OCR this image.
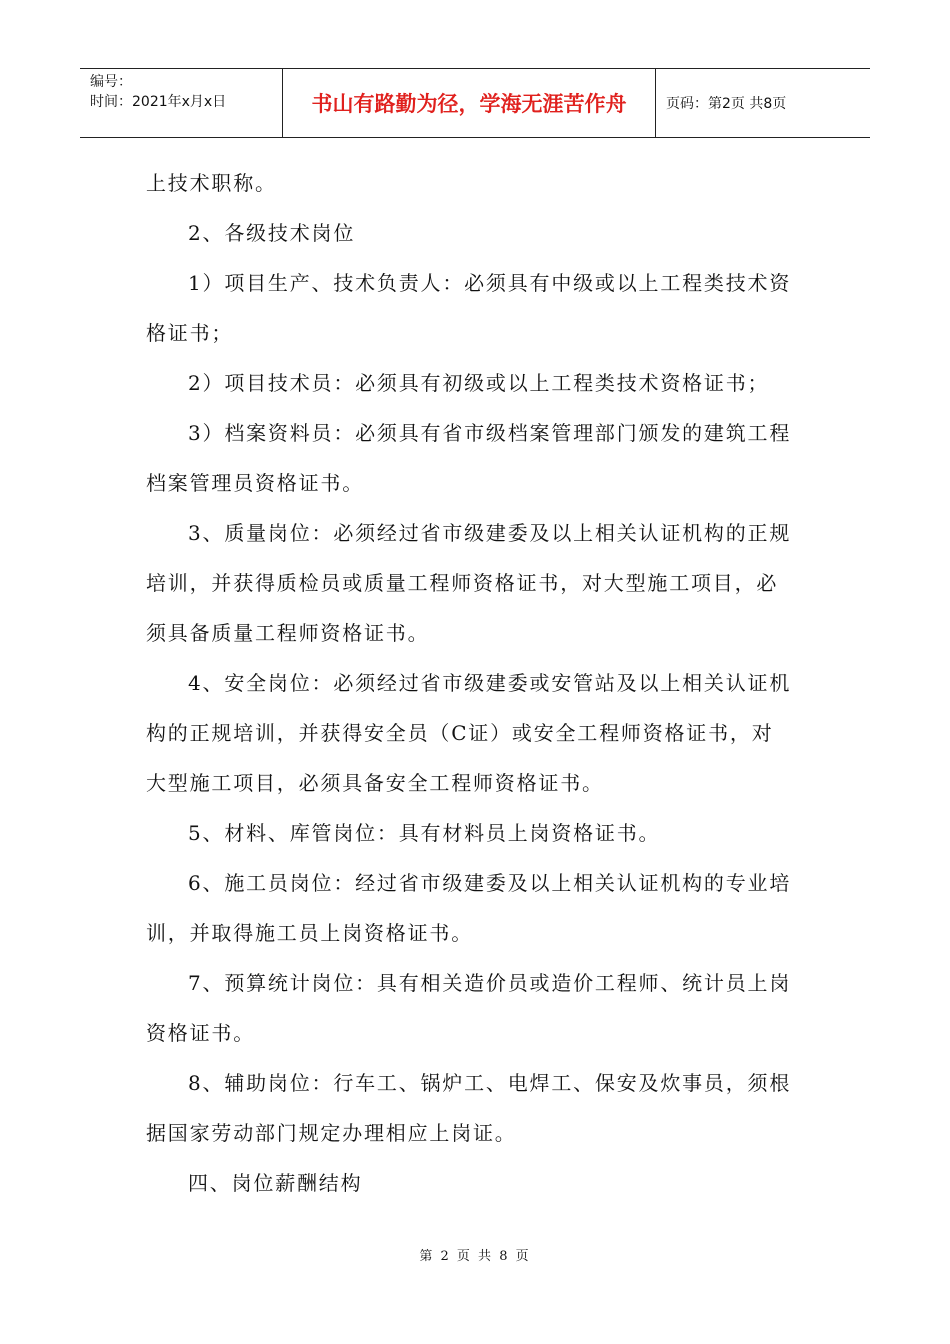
编号：
时间：2021年x月x日	书山有路勤为径，学海无涯苦作舟	页码：第2页 共8页
上技术职称。
2、各级技术岗位
1）项目生产、技术负责人：必须具有中级或以上工程类技术资
格证书；
2）项目技术员：必须具有初级或以上工程类技术资格证书；
3）档案资料员：必须具有省市级档案管理部门颁发的建筑工程
档案管理员资格证书。
3、质量岗位：必须经过省市级建委及以上相关认证机构的正规
培训，并获得质检员或质量工程师资格证书，对大型施工项目，必
须具备质量工程师资格证书。
4、安全岗位：必须经过省市级建委或安管站及以上相关认证机
构的正规培训，并获得安全员（C证）或安全工程师资格证书，对
大型施工项目，必须具备安全工程师资格证书。
5、材料、库管岗位：具有材料员上岗资格证书。
6、施工员岗位：经过省市级建委及以上相关认证机构的专业培
训，并取得施工员上岗资格证书。
7、预算统计岗位：具有相关造价员或造价工程师、统计员上岗
资格证书。
8、辅助岗位：行车工、锅炉工、电焊工、保安及炊事员，须根
据国家劳动部门规定办理相应上岗证。
四、岗位薪酬结构
第 2 页 共 8 页
